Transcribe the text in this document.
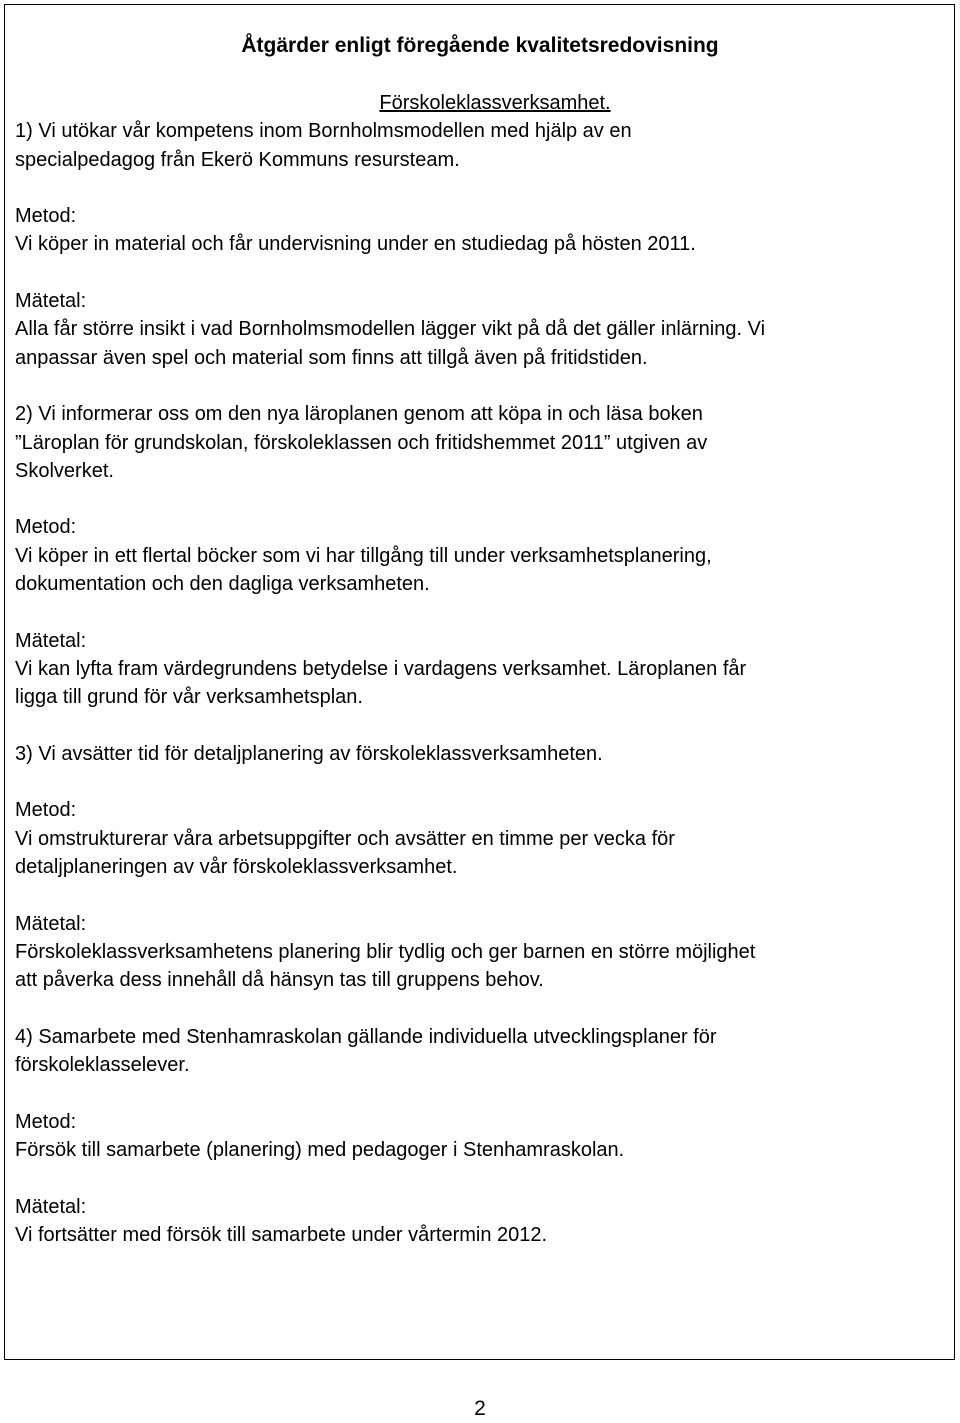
Åtgärder enligt föregående kvalitetsredovisning

Förskoleklassverksamhet.

1) Vi utökar vår kompetens inom Bornholmsmodellen med hjälp av en

specialpedagog från Ekerö Kommuns resursteam.

Metod:

Vi köper in material och får undervisning under en studiedag på hösten 2011.

Mätetal:

Alla får större insikt i vad Bornholmsmodellen lägger vikt på då det gäller inlärning. Vi

anpassar även spel och material som finns att tillgå även på fritidstiden.

2) Vi informerar oss om den nya läroplanen genom att köpa in och läsa boken

”Läroplan för grundskolan, förskoleklassen och fritidshemmet 2011” utgiven av

Skolverket.

Metod:

Vi köper in ett flertal böcker som vi har tillgång till under verksamhetsplanering,

dokumentation och den dagliga verksamheten.

Mätetal:

Vi kan lyfta fram värdegrundens betydelse i vardagens verksamhet. Läroplanen får

ligga till grund för vår verksamhetsplan.

3) Vi avsätter tid för detaljplanering av förskoleklassverksamheten.

Metod:

Vi omstrukturerar våra arbetsuppgifter och avsätter en timme per vecka för

detaljplaneringen av vår förskoleklassverksamhet.

Mätetal:

Förskoleklassverksamhetens planering blir tydlig och ger barnen en större möjlighet

att påverka dess innehåll då hänsyn tas till gruppens behov.

4) Samarbete med Stenhamraskolan gällande individuella utvecklingsplaner för

förskoleklasselever.

Metod:

Försök till samarbete (planering) med pedagoger i Stenhamraskolan.

Mätetal:

Vi fortsätter med försök till samarbete under vårtermin 2012.

2
